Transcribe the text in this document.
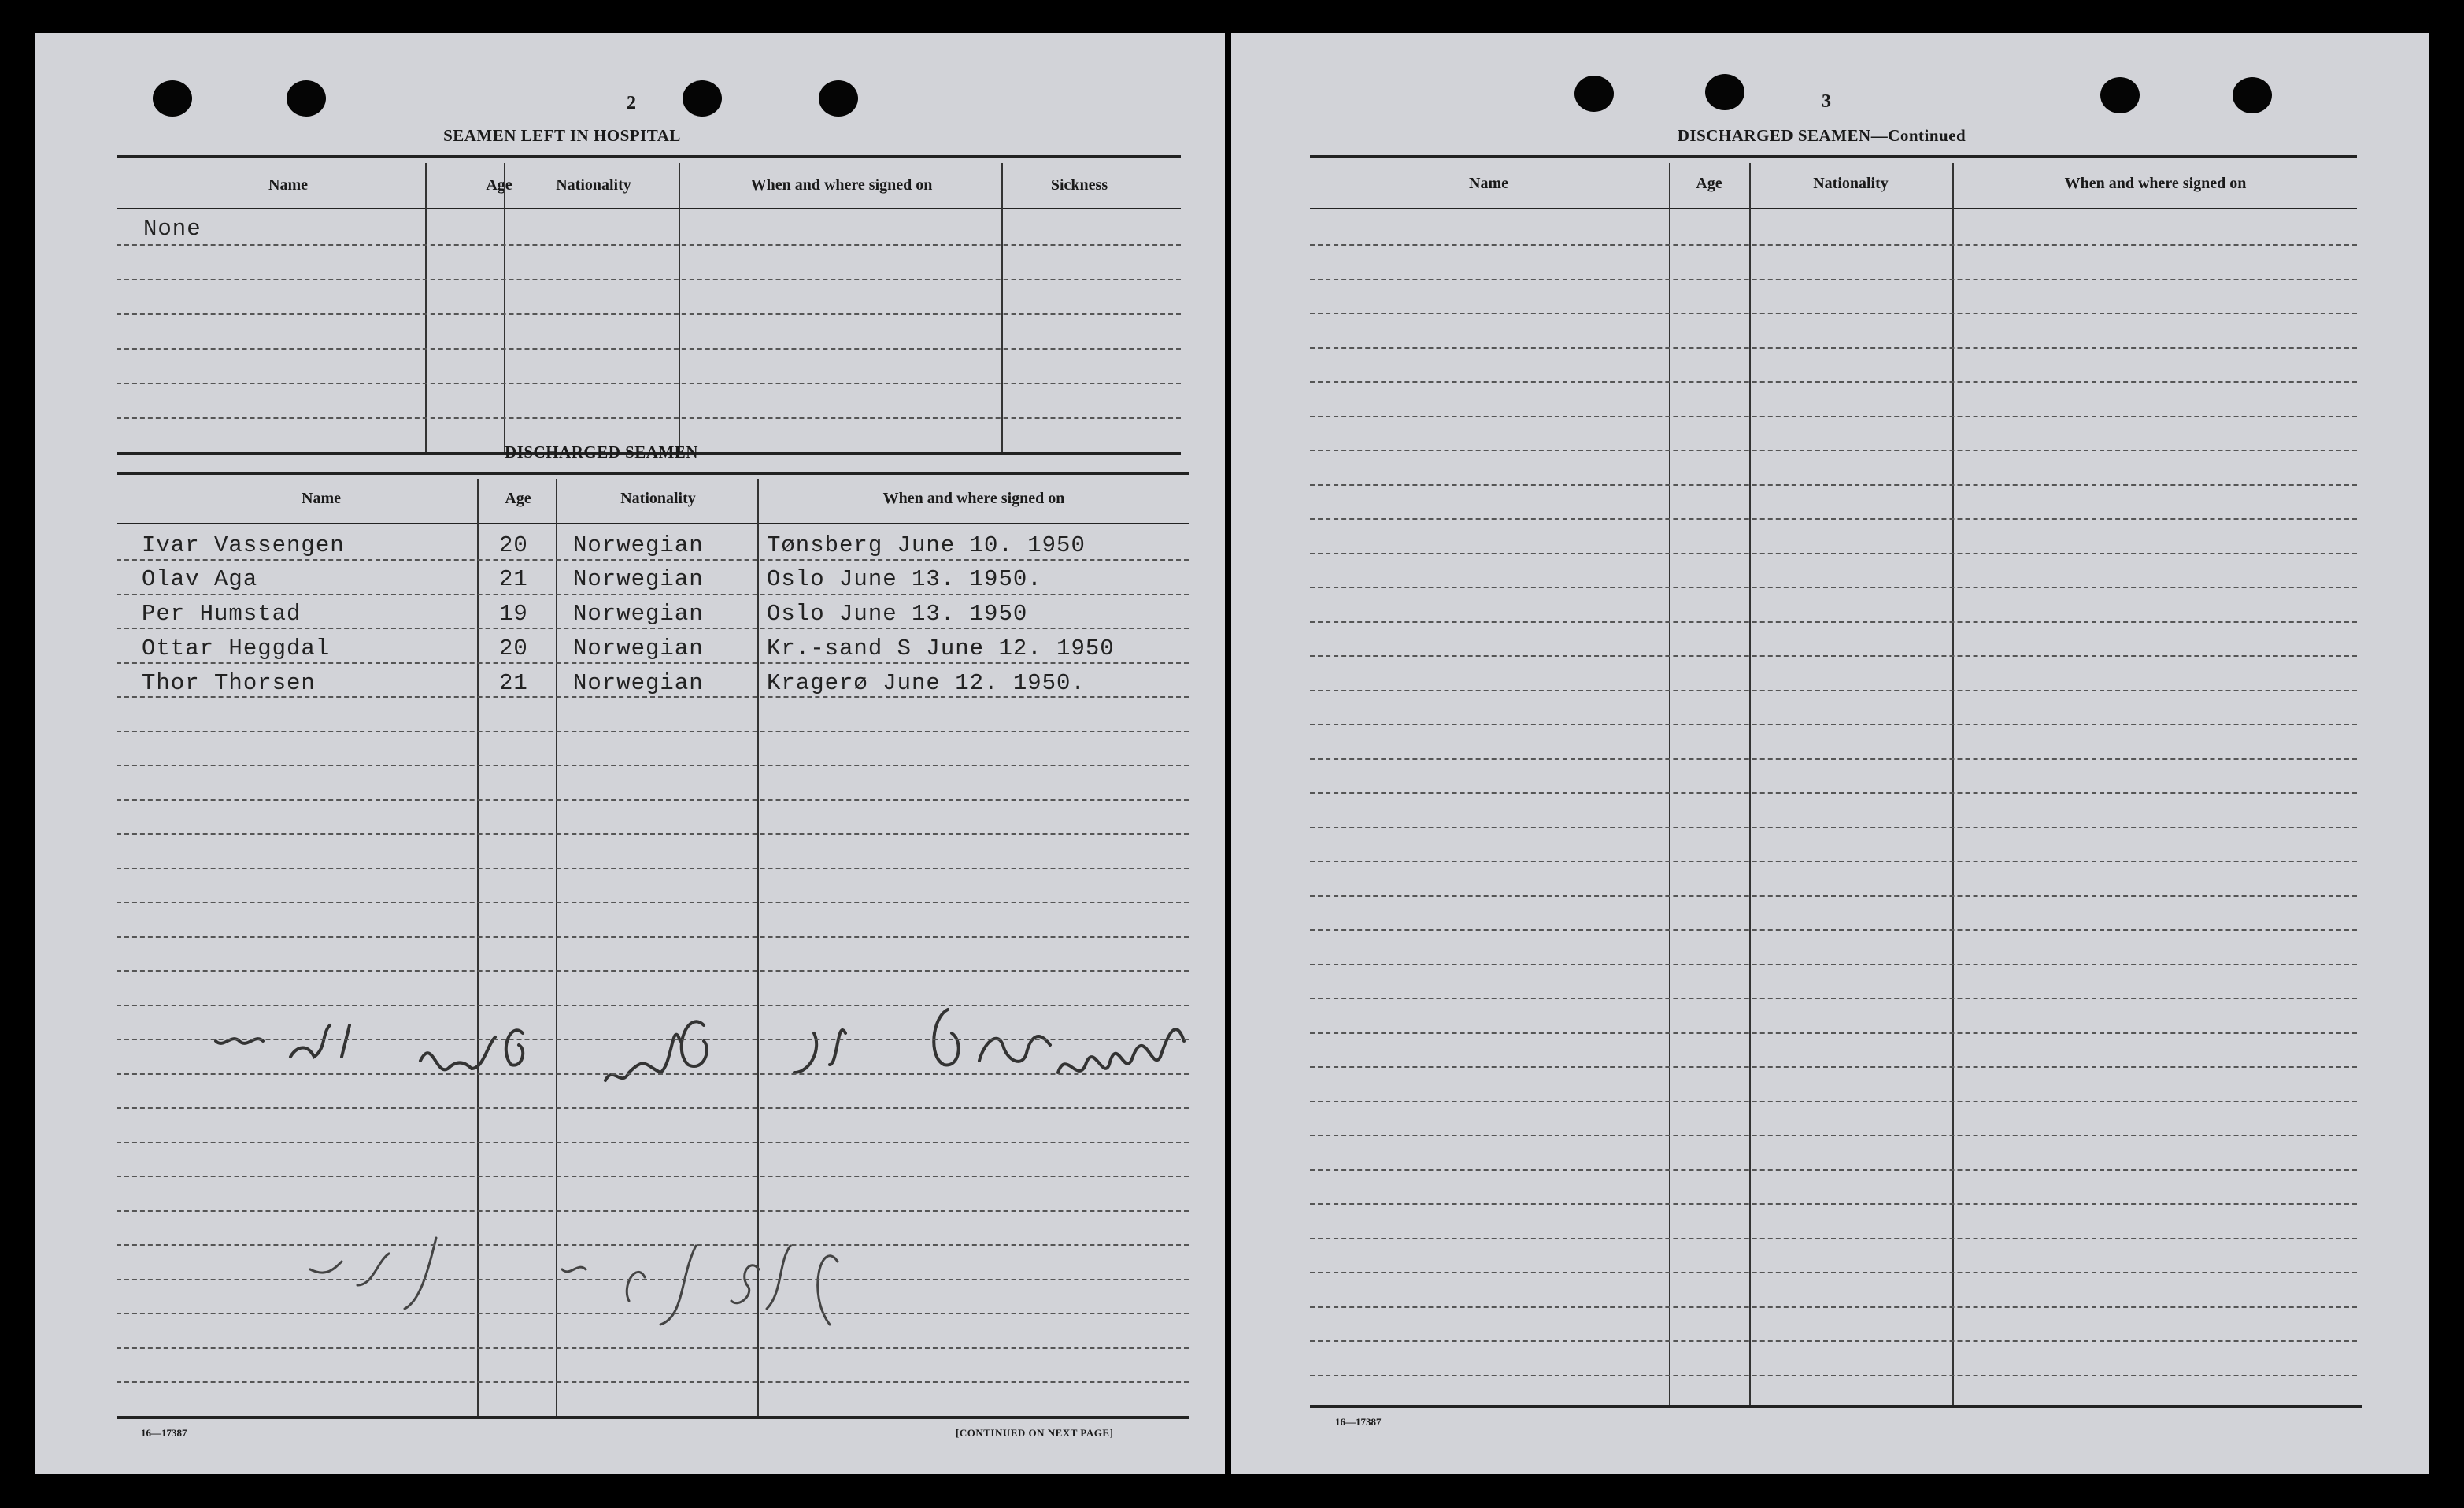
2
SEAMEN LEFT IN HOSPITAL
Name	Age	Nationality	When and where signed on	Sickness
None
DISCHARGED SEAMEN
Name	Age	Nationality	When and where signed on
Ivar Vassengen	20 Norwegian	Tønsberg June 10. 1950
Olav Aga	21 Norwegian	Oslo June 13. 1950.
Per Humstad	19 Norwegian	Oslo June 13. 1950
Ottar Heggdal	20 Norwegian	Kr.-sand S June 12. 1950
Thor Thorsen	21 Norwegian	Kragerø June 12. 1950.
16—17387	[CONTINUED ON NEXT PAGE]
3
DISCHARGED SEAMEN—Continued
Name	Age	Nationality	When and where signed on
16—17387
